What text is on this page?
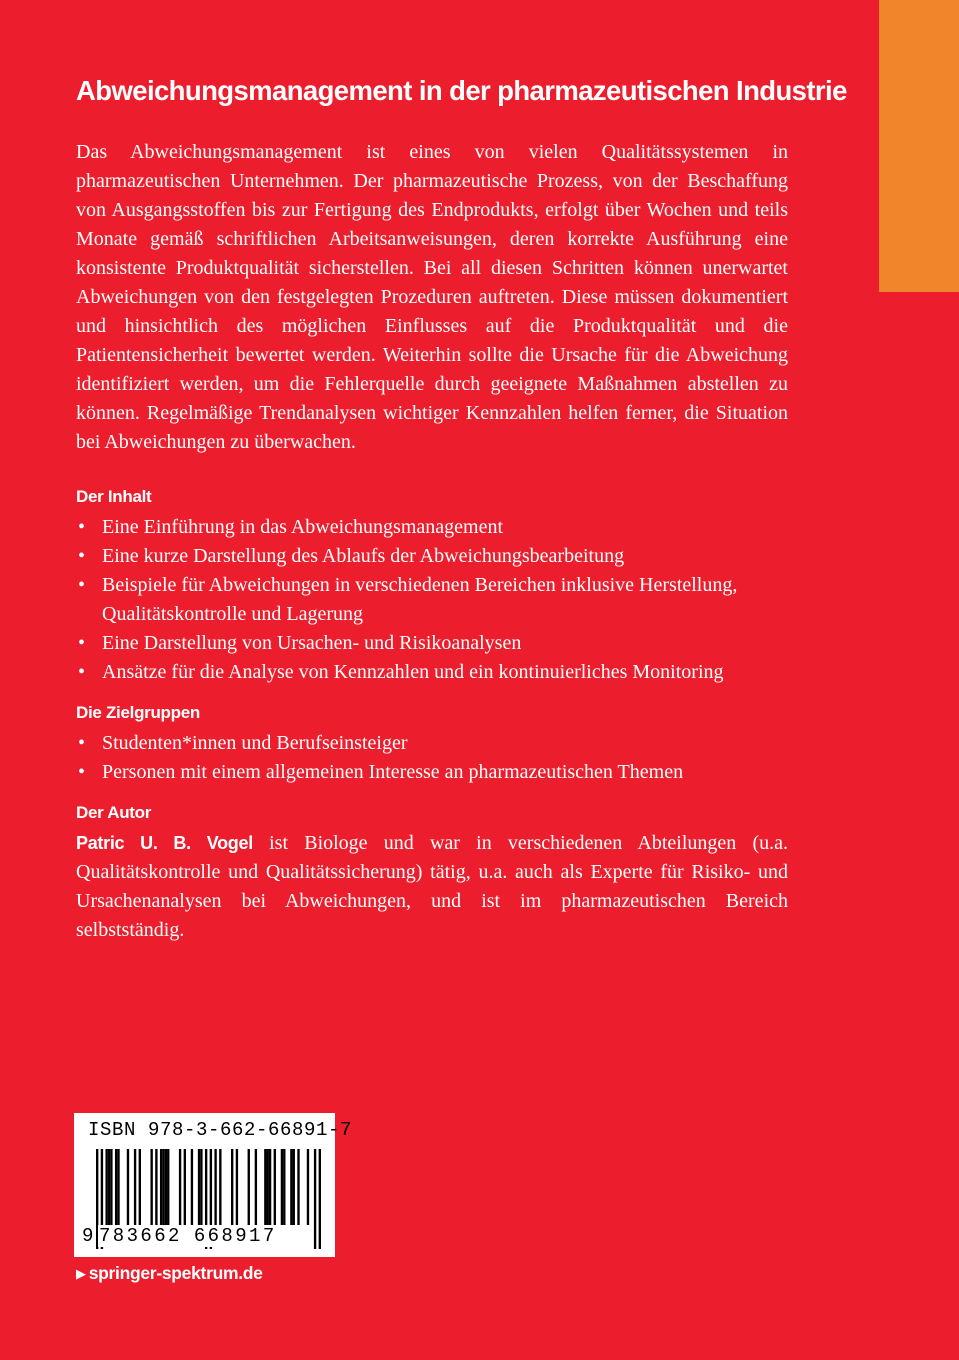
Abweichungsmanagement in der pharmazeutischen Industrie

Das Abweichungsmanagement ist eines von vielen Qualitätssystemen in pharmazeutischen Unternehmen. Der pharmazeutische Prozess, von der Beschaffung von Ausgangsstoffen bis zur Fertigung des Endprodukts, erfolgt über Wochen und teils Monate gemäß schriftlichen Arbeitsanweisungen, deren korrekte Ausführung eine konsistente Produktqualität sicherstellen. Bei all diesen Schritten können unerwartet Abweichungen von den festgelegten Prozeduren auftreten. Diese müssen dokumentiert und hinsichtlich des möglichen Einflusses auf die Produktqualität und die Patientensicherheit bewertet werden. Weiterhin sollte die Ursache für die Abweichung identifiziert werden, um die Fehlerquelle durch geeignete Maßnahmen abstellen zu können. Regelmäßige Trendanalysen wichtiger Kennzahlen helfen ferner, die Situation bei Abweichungen zu überwachen.

Der Inhalt
• Eine Einführung in das Abweichungsmanagement
• Eine kurze Darstellung des Ablaufs der Abweichungsbearbeitung
• Beispiele für Abweichungen in verschiedenen Bereichen inklusive Herstellung, Qualitätskontrolle und Lagerung
• Eine Darstellung von Ursachen- und Risikoanalysen
• Ansätze für die Analyse von Kennzahlen und ein kontinuierliches Monitoring
Die Zielgruppen
• Studenten*innen und Berufseinsteiger
• Personen mit einem allgemeinen Interesse an pharmazeutischen Themen
Der Autor

Patric U. B. Vogel ist Biologe und war in verschiedenen Abteilungen (u.a. Qualitätskontrolle und Qualitätssicherung) tätig, u.a. auch als Experte für Risiko- und Ursachenanalysen bei Abweichungen, und ist im pharmazeutischen Bereich selbstständig.

ISBN 978-3-662-66891-7
9 783662 668917
▶ springer-spektrum.de
